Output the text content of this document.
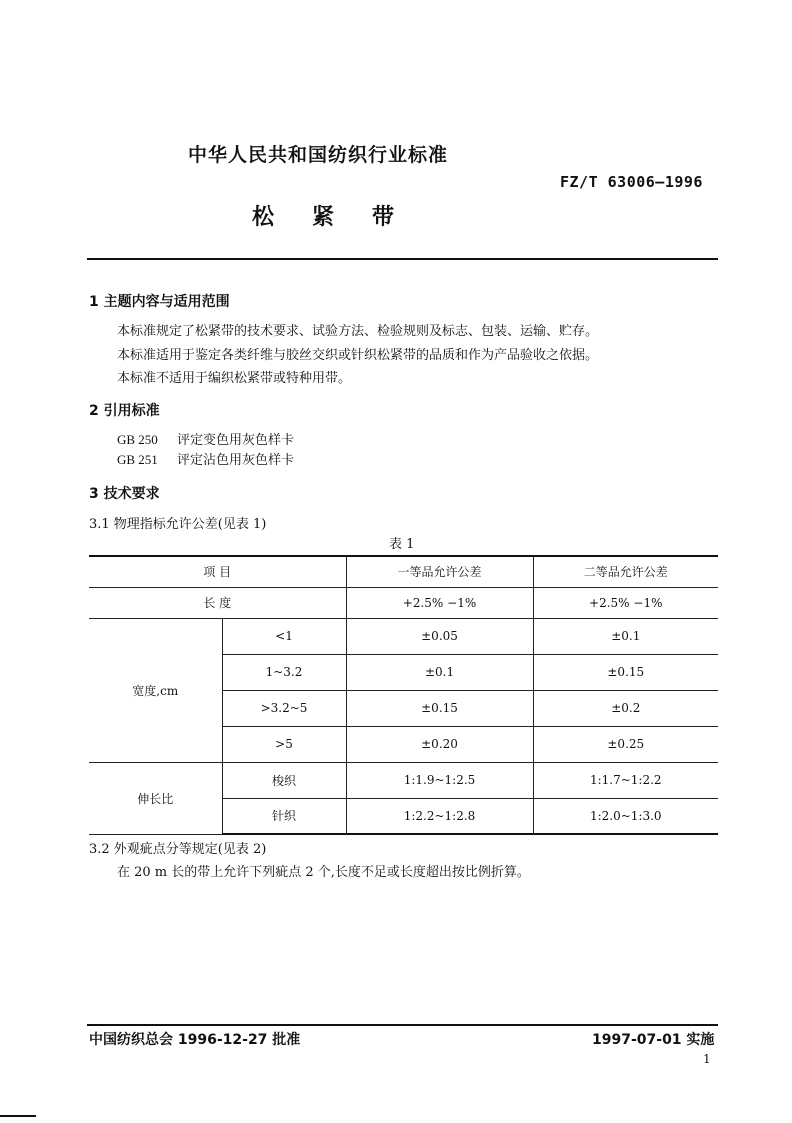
中华人民共和国纺织行业标准
FZ/T 63006—1996
松紧带
1 主题内容与适用范围
本标准规定了松紧带的技术要求、试验方法、检验规则及标志、包装、运输、贮存。
本标准适用于鉴定各类纤维与胶丝交织或针织松紧带的品质和作为产品验收之依据。
本标准不适用于编织松紧带或特种用带。
2 引用标准
GB 250 评定变色用灰色样卡
GB 251 评定沾色用灰色样卡
3 技术要求
3.1 物理指标允许公差(见表 1)
表 1
项 目		一等品允许公差	二等品允许公差
长 度		+2.5% −1%	+2.5% −1%
宽度,cm	<1	±0.05	±0.1
	1~3.2	±0.1	±0.15
	>3.2~5	±0.15	±0.2
	>5	±0.20	±0.25
伸长比	梭织	1:1.9~1:2.5	1:1.7~1:2.2
	针织	1:2.2~1:2.8	1:2.0~1:3.0
3.2 外观疵点分等规定(见表 2)
在 20 m 长的带上允许下列疵点 2 个,长度不足或长度超出按比例折算。
中国纺织总会 1996-12-27 批准	1997-07-01 实施
1
